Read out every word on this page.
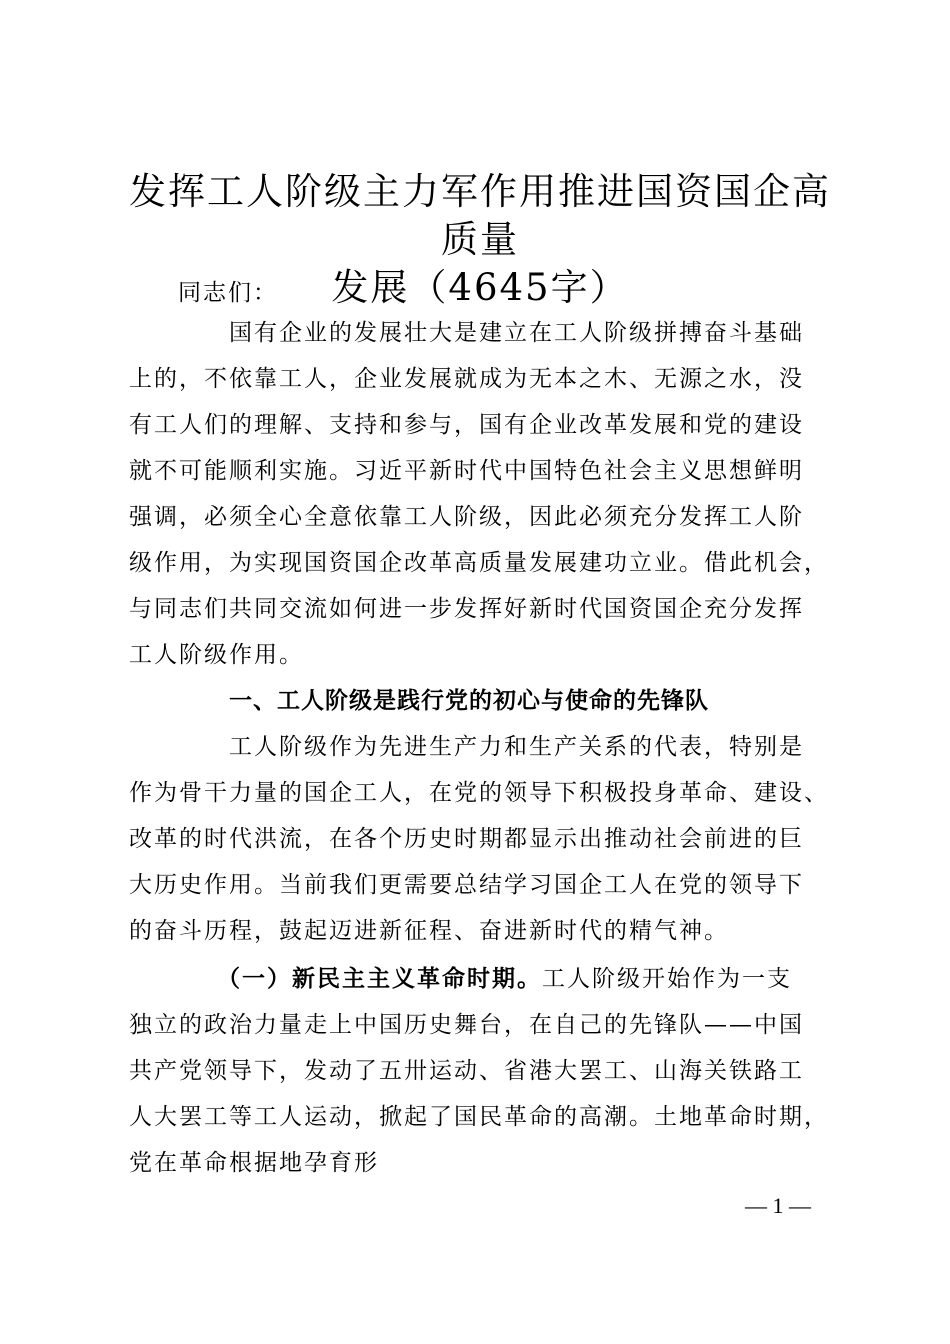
发挥工人阶级主力军作用推进国资国企高质量
发展（4645字）
同志们：
国有企业的发展壮大是建立在工人阶级拼搏奋斗基础
上的，不依靠工人，企业发展就成为无本之木、无源之水，没
有工人们的理解、支持和参与，国有企业改革发展和党的建设
就不可能顺利实施。习近平新时代中国特色社会主义思想鲜明
强调，必须全心全意依靠工人阶级，因此必须充分发挥工人阶
级作用，为实现国资国企改革高质量发展建功立业。借此机会，
与同志们共同交流如何进一步发挥好新时代国资国企充分发挥
工人阶级作用。
一、工人阶级是践行党的初心与使命的先锋队
工人阶级作为先进生产力和生产关系的代表，特别是
作为骨干力量的国企工人，在党的领导下积极投身革命、建设、
改革的时代洪流，在各个历史时期都显示出推动社会前进的巨
大历史作用。当前我们更需要总结学习国企工人在党的领导下
的奋斗历程，鼓起迈进新征程、奋进新时代的精气神。
（一）新民主主义革命时期。工人阶级开始作为一支
独立的政治力量走上中国历史舞台，在自己的先锋队——中国
共产党领导下，发动了五卅运动、省港大罢工、山海关铁路工
人大罢工等工人运动，掀起了国民革命的高潮。土地革命时期，
党在革命根据地孕育形
— 1 —
